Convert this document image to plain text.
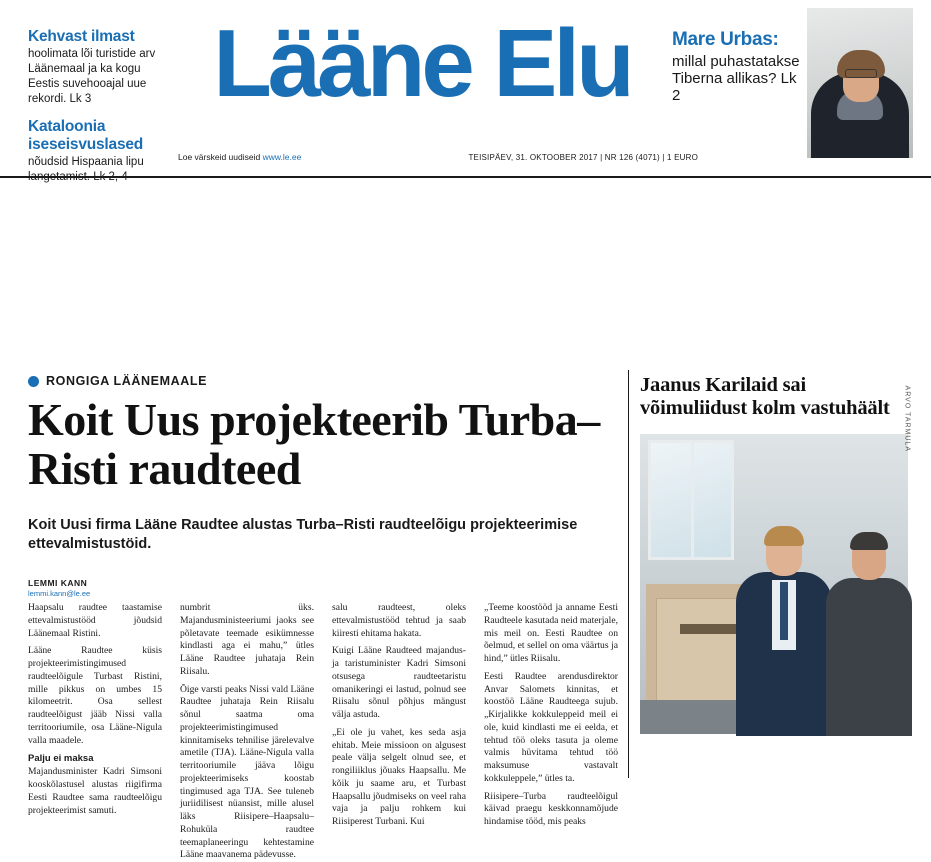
Kehvast ilmast
hoolimata lõi turistide arv Läänemaal ja ka kogu Eestis suvehooajal uue rekordi. Lk 3
Kataloonia iseseisvuslased
nõudsid Hispaania lipu langetamist. Lk 2, 4
Lääne Elu
Loe värskeid uudiseid www.le.ee	TEISIPÄEV, 31. OKTOOBER 2017 | NR 126 (4071) | 1 EURO
Mare Urbas:
millal puhastatakse Tiberna allikas? Lk 2
RONGIGA LÄÄNEMAALE
Koit Uus projekteerib Turba–Risti raudteed
Koit Uusi firma Lääne Raudtee alustas Turba–Risti raudteelõigu projekteerimise ettevalmistustöid.
LEMMI KANN
lemmi.kann@le.ee

Haapsalu raudtee taastamise ettevalmistustööd jõudsid Läänemaal Ristini.

Lääne Raudtee küsis projekteerimistingimused raudteelõigule Turbast Ristini, mille pikkus on umbes 15 kilomeetrit. Osa sellest raudteelõigust jääb Nissi valla territooriumile, osa Lääne-Nigula valla maadele.

Palju ei maksa

Majandusminister Kadri Simsoni kooskõlastusel alustas riigifirma Eesti Raudtee sama raudteelõigu projekteerimist samuti.

numbrit üks. Majandusministeeriumi jaoks see põletavate teemade esikümnesse kindlasti aga ei mahu,” ütles Lääne Raudtee juhataja Rein Riisalu.

Õige varsti peaks Nissi vald Lääne Raudtee juhataja Rein Riisalu sõnul saatma oma projekteerimistingimused kinnitamiseks tehnilise järelevalve ametile (TJA). Lääne-Nigula valla territooriumile jääva lõigu projekteerimiseks koostab tingimused aga TJA. See tuleneb juriidilisest nüansist, mille alusel läks Riisipere–Haapsalu–Rohuküla raudtee teemaplaneeringu kehtestamine Lääne maavanema pädevusse.

salu raudteest, oleks ettevalmistustööd tehtud ja saab kiiresti ehitama hakata.

Kuigi Lääne Raudteed majandus- ja taristuminister Kadri Simsoni otsusega raudteetaristu omanikeringi ei lastud, polnud see Riisalu sõnul põhjus mängust välja astuda.

„Ei ole ju vahet, kes seda asja ehitab. Meie missioon on algusest peale välja selgelt olnud see, et rongiliiklus jõuaks Haapsallu. Me kõik ju saame aru, et Turbast Haapsallu jõudmiseks on veel raha vaja ja palju rohkem kui Riisiperest Turbani. Kui

„Teeme koostööd ja anname Eesti Raudteele kasutada neid materjale, mis meil on. Eesti Raudtee on õelmud, et sellel on oma väärtus ja hind,” ütles Riisalu.

Eesti Raudtee arendusdirektor Anvar Salomets kinnitas, et koostöö Lääne Raudteega sujub. „Kirjalikke kokkuleppeid meil ei ole, kuid kindlasti me ei eelda, et tehtud töö oleks tasuta ja oleme valmis hüvitama tehtud töö maksumuse vastavalt kokkuleppele,” ütles ta.

Riisipere–Turba raudteelõigul käivad praegu keskkonnamõjude hindamise tööd, mis peaks

Jaanus Karilaid sai võimuliidust kolm vastuhäält	ARVO TARMULA
